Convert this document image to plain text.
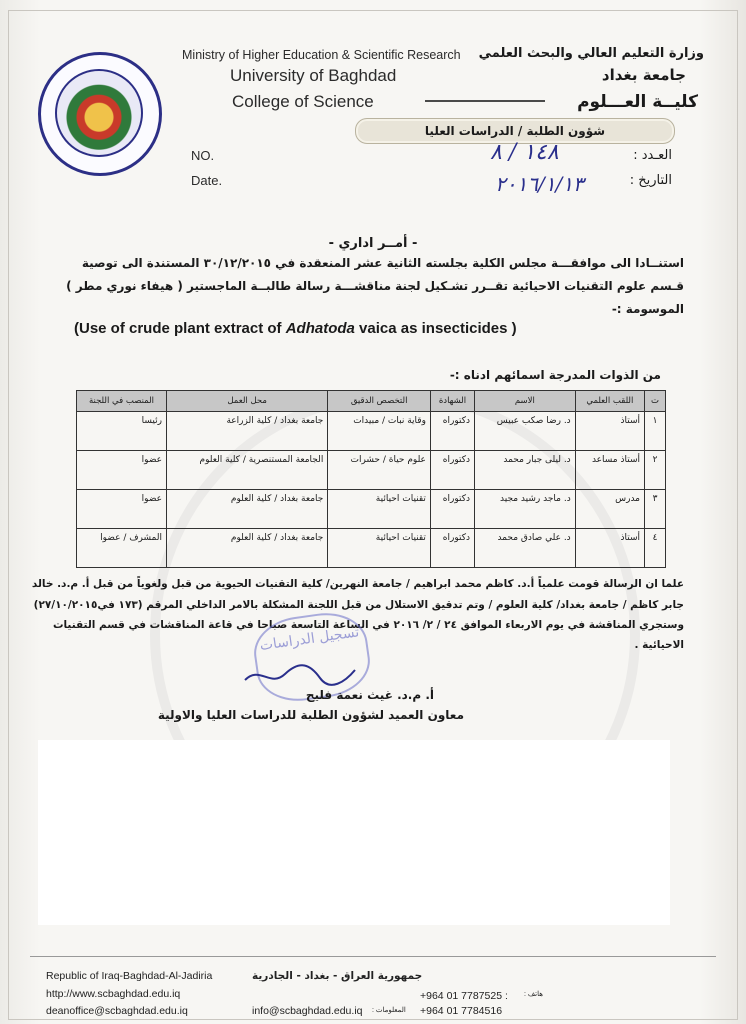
Ministry of Higher Education & Scientific Research
University of Baghdad
College of Science
وزارة التعليم العالي والبحث العلمي
جامعة بغداد
كليــة العـــلوم
شؤون الطلبة / الدراسات العليا
NO.
Date.
العـدد :
التاريخ :
١٤٨ / ٨
٢٠١٦/١/١٣
- أمــر اداري -
استنــادا الى موافقـــة مجلس الكلية بجلسته الثانية عشر المنعقدة في ٣٠/١٢/٢٠١٥ المستندة الى توصية
قـسم علوم التقنيات الاحيائية تقــرر تشـكيل لجنة مناقشـــة رسالة طالبــة الماجستير ( هيفاء نوري مطر )
الموسومة :-
(Use of crude plant extract of Adhatoda vaica as insecticides )
من الذوات المدرجة اسمائهم ادناه :-
ت	اللقب العلمي	الاسم	الشهادة	التخصص الدقيق	محل العمل	المنصب في اللجنة
١	أستاذ	د. رضا صكب عبيس	دكتوراه	وقاية نبات / مبيدات	جامعة بغداد / كلية الزراعة	رئيسا
٢	أستاذ مساعد	د. ليلى جبار محمد	دكتوراه	علوم حياة / حشرات	الجامعة المستنصرية / كلية العلوم	عضوا
٣	مدرس	د. ماجد رشيد مجيد	دكتوراه	تقنيات احيائية	جامعة بغداد / كلية العلوم	عضوا
٤	أستاذ	د. علي صادق محمد	دكتوراه	تقنيات احيائية	جامعة بغداد / كلية العلوم	المشرف / عضوا
علما ان الرسالة قومت علمياً أ.د. كاظم محمد ابراهيم / جامعة النهرين/ كلية التقنيات الحيوية من قبل ولغوياً من قبل أ. م.د. خالد
جابر كاظم / جامعة بغداد/ كلية العلوم / وتم تدقيق الاستلال من قبل اللجنة المشكلة بالامر الداخلي المرقم (١٧٣ في٢٧/١٠/٢٠١٥)
وستجري المناقشة في يوم الاربعاء الموافق ٢٤ / ٢/ ٢٠١٦ في الساعة التاسعة صباحا في قاعة المناقشات في قسم التقنيات
الاحيائية .
تسجيل الدراسات
أ. م.د. غيث نعمة فليح
معاون العميد لشؤون الطلبة للدراسات العليا والاولية
Republic of Iraq-Baghdad-Al-Jadiria
http://www.scbaghdad.edu.iq
deanoffice@scbaghdad.edu.iq
جمهورية العراق - بغداد - الجادرية
info@scbaghdad.edu.iq
+964 01 7787525 : هاتف :
المعلومات : +964 01 7784516
